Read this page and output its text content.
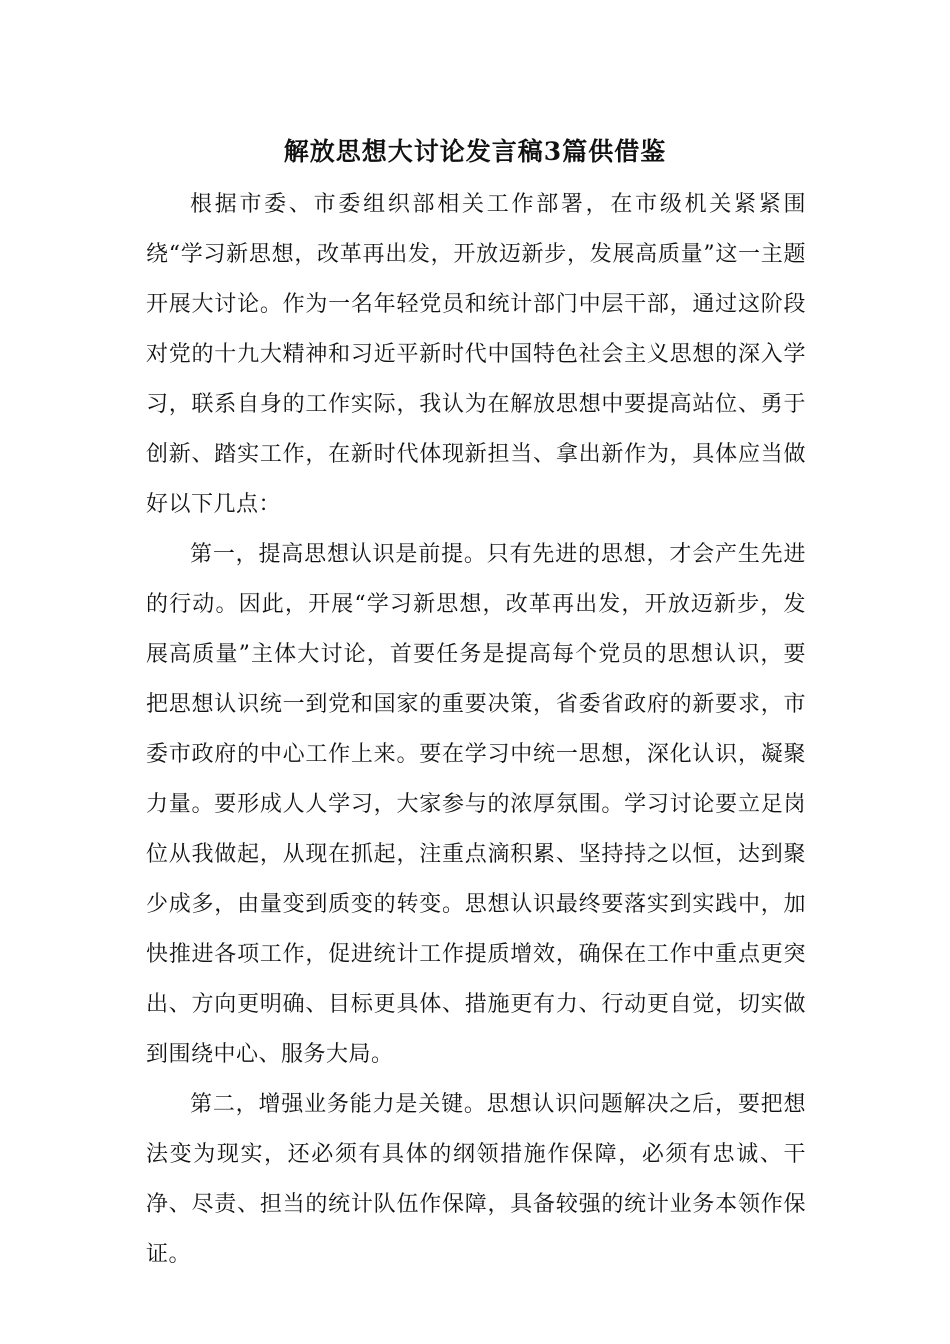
解放思想大讨论发言稿3篇供借鉴

根据市委、市委组织部相关工作部署，在市级机关紧紧围绕“学习新思想，改革再出发，开放迈新步，发展高质量”这一主题开展大讨论。作为一名年轻党员和统计部门中层干部，通过这阶段对党的十九大精神和习近平新时代中国特色社会主义思想的深入学习，联系自身的工作实际，我认为在解放思想中要提高站位、勇于创新、踏实工作，在新时代体现新担当、拿出新作为，具体应当做好以下几点：

第一，提高思想认识是前提。只有先进的思想，才会产生先进的行动。因此，开展“学习新思想，改革再出发，开放迈新步，发展高质量”主体大讨论，首要任务是提高每个党员的思想认识，要把思想认识统一到党和国家的重要决策，省委省政府的新要求，市委市政府的中心工作上来。要在学习中统一思想，深化认识，凝聚力量。要形成人人学习，大家参与的浓厚氛围。学习讨论要立足岗位从我做起，从现在抓起，注重点滴积累、坚持持之以恒，达到聚少成多，由量变到质变的转变。思想认识最终要落实到实践中，加快推进各项工作，促进统计工作提质增效，确保在工作中重点更突出、方向更明确、目标更具体、措施更有力、行动更自觉，切实做到围绕中心、服务大局。

第二，增强业务能力是关键。思想认识问题解决之后，要把想法变为现实，还必须有具体的纲领措施作保障，必须有忠诚、干净、尽责、担当的统计队伍作保障，具备较强的统计业务本领作保证。
